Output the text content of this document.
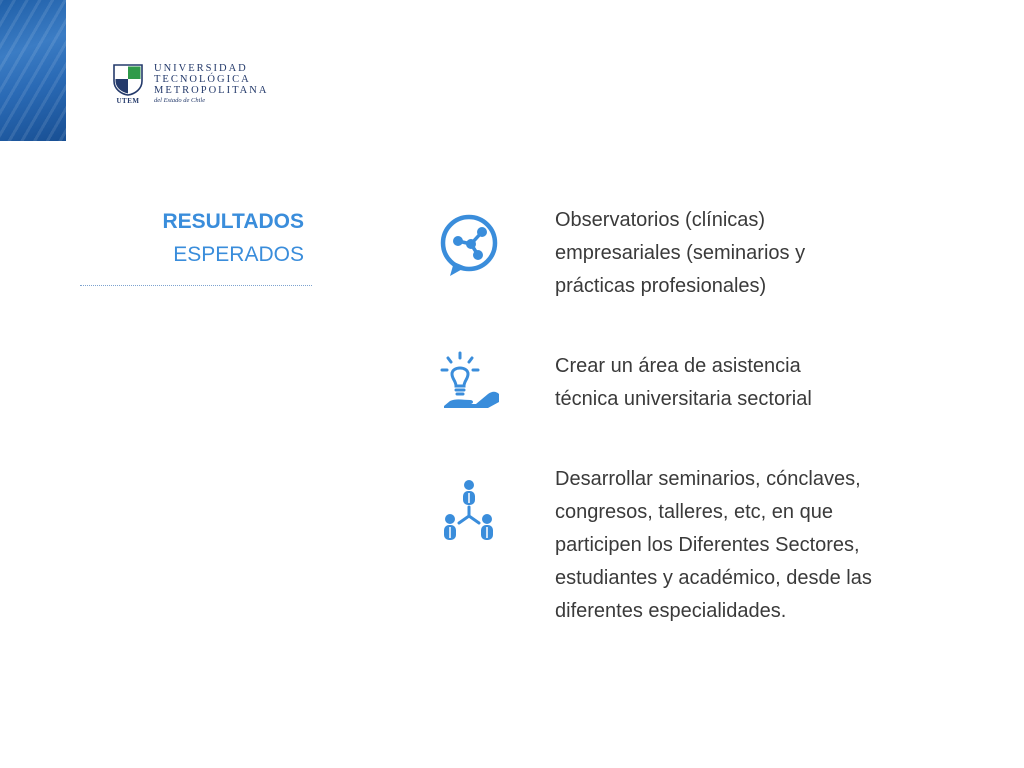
UTEM
UNIVERSIDAD
TECNOLÓGICA
METROPOLITANA
del Estado de Chile
RESULTADOS
ESPERADOS
Observatorios (clínicas)
empresariales (seminarios y
prácticas profesionales)
Crear un área de asistencia
técnica universitaria sectorial
Desarrollar seminarios, cónclaves,
congresos, talleres, etc, en que
participen los Diferentes Sectores,
estudiantes y académico, desde las
diferentes especialidades.
